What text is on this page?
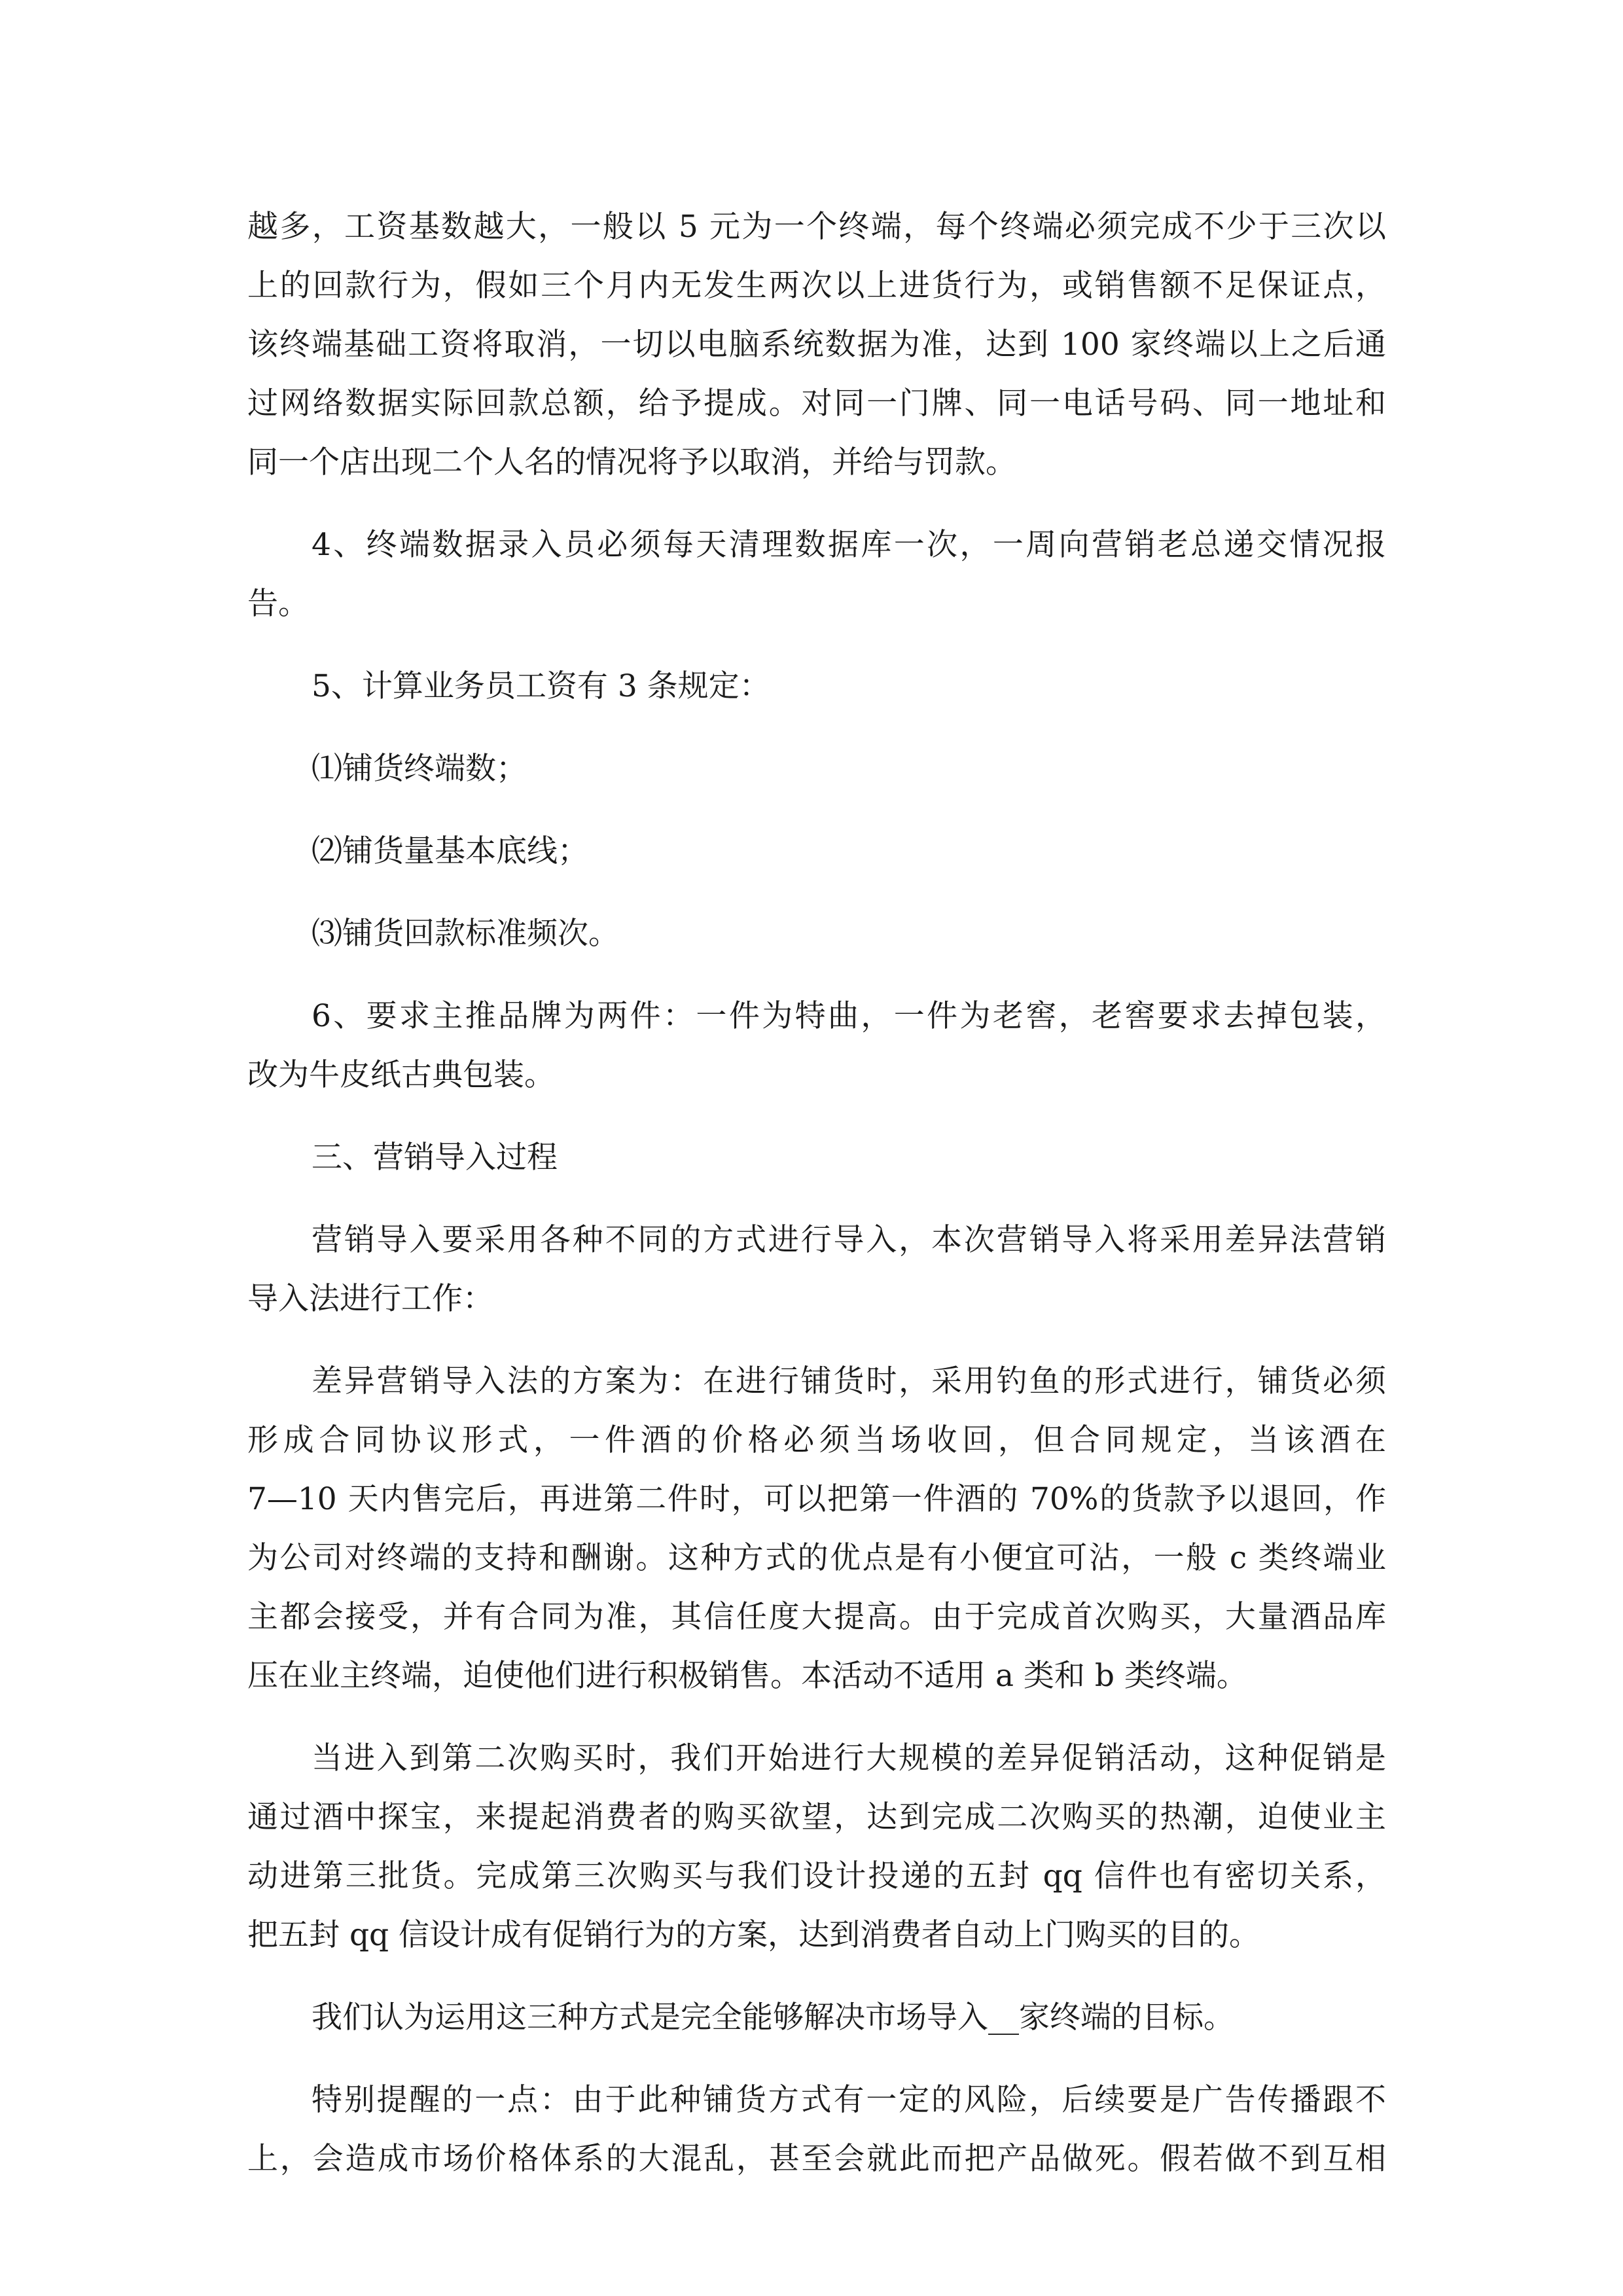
越多，工资基数越大，一般以 5 元为一个终端，每个终端必须完成不少于三次以
上的回款行为，假如三个月内无发生两次以上进货行为，或销售额不足保证点，
该终端基础工资将取消，一切以电脑系统数据为准，达到 100 家终端以上之后通
过网络数据实际回款总额，给予提成。对同一门牌、同一电话号码、同一地址和
同一个店出现二个人名的情况将予以取消，并给与罚款。
4、终端数据录入员必须每天清理数据库一次，一周向营销老总递交情况报
告。
5、计算业务员工资有 3 条规定：
⑴铺货终端数；
⑵铺货量基本底线；
⑶铺货回款标准频次。
6、要求主推品牌为两件：一件为特曲，一件为老窖，老窖要求去掉包装，
改为牛皮纸古典包装。
三、营销导入过程
营销导入要采用各种不同的方式进行导入，本次营销导入将采用差异法营销
导入法进行工作：
差异营销导入法的方案为：在进行铺货时，采用钓鱼的形式进行，铺货必须
形成合同协议形式，一件酒的价格必须当场收回，但合同规定，当该酒在
7—10 天内售完后，再进第二件时，可以把第一件酒的 70%的货款予以退回，作
为公司对终端的支持和酬谢。这种方式的优点是有小便宜可沾，一般 c 类终端业
主都会接受，并有合同为准，其信任度大提高。由于完成首次购买，大量酒品库
压在业主终端，迫使他们进行积极销售。本活动不适用 a 类和 b 类终端。
当进入到第二次购买时，我们开始进行大规模的差异促销活动，这种促销是
通过酒中探宝，来提起消费者的购买欲望，达到完成二次购买的热潮，迫使业主
动进第三批货。完成第三次购买与我们设计投递的五封 qq 信件也有密切关系，
把五封 qq 信设计成有促销行为的方案，达到消费者自动上门购买的目的。
我们认为运用这三种方式是完全能够解决市场导入__家终端的目标。
特别提醒的一点：由于此种铺货方式有一定的风险，后续要是广告传播跟不
上，会造成市场价格体系的大混乱，甚至会就此而把产品做死。假若做不到互相
